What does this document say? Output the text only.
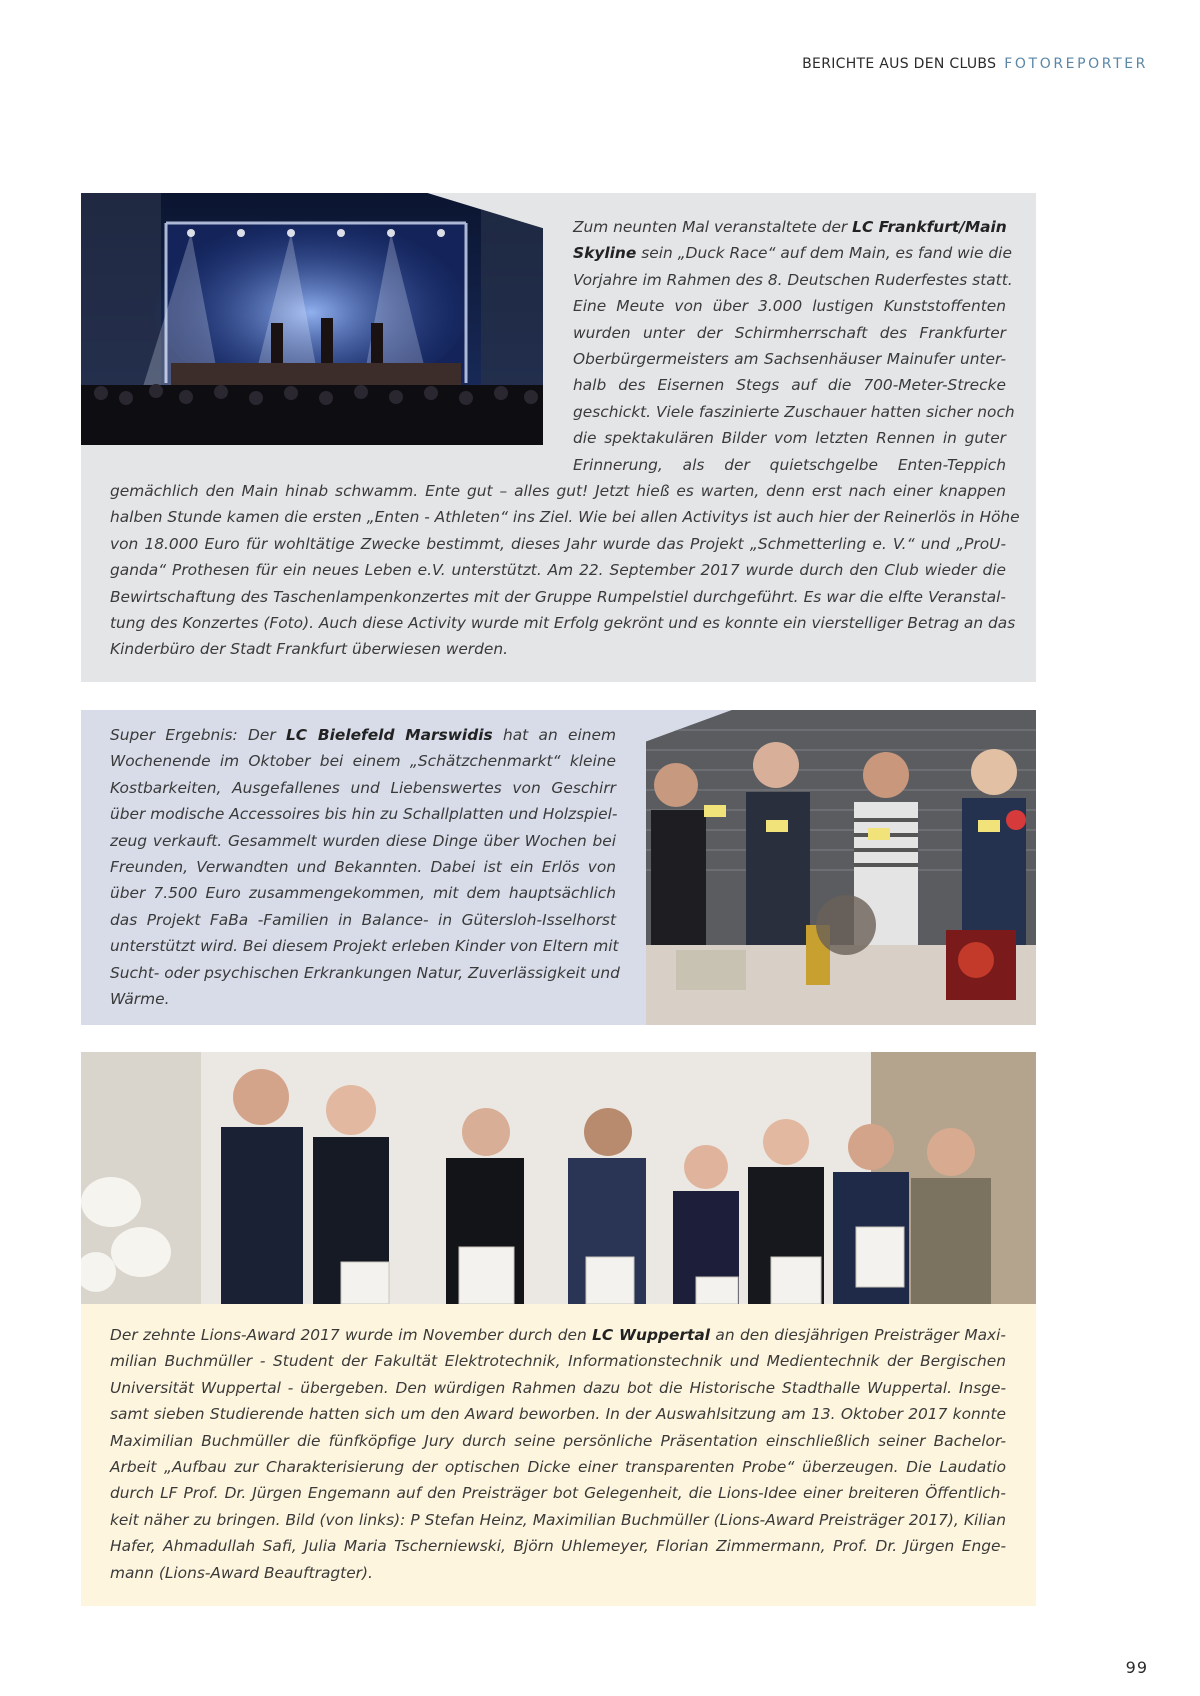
BERICHTE AUS DEN CLUBS FOTOREPORTER
Zum neunten Mal veranstaltete der LC Frankfurt/Main
Skyline sein „Duck Race“ auf dem Main, es fand wie die
Vorjahre im Rahmen des 8. Deutschen Ruderfestes statt.
Eine Meute von über 3.000 lustigen Kunststoffenten
wurden unter der Schirmherrschaft des Frankfurter
Oberbürgermeisters am Sachsenhäuser Mainufer unter-
halb des Eisernen Stegs auf die 700-Meter-Strecke
geschickt. Viele faszinierte Zuschauer hatten sicher noch
die spektakulären Bilder vom letzten Rennen in guter
Erinnerung, als der quietschgelbe Enten-Teppich
gemächlich den Main hinab schwamm. Ente gut – alles gut! Jetzt hieß es warten, denn erst nach einer knappen
halben Stunde kamen die ersten „Enten - Athleten“ ins Ziel. Wie bei allen Activitys ist auch hier der Reinerlös in Höhe
von 18.000 Euro für wohltätige Zwecke bestimmt, dieses Jahr wurde das Projekt „Schmetterling e. V.“ und „ProU-
ganda“ Prothesen für ein neues Leben e.V. unterstützt. Am 22. September 2017 wurde durch den Club wieder die
Bewirtschaftung des Taschenlampenkonzertes mit der Gruppe Rumpelstiel durchgeführt. Es war die elfte Veranstal-
tung des Konzertes (Foto). Auch diese Activity wurde mit Erfolg gekrönt und es konnte ein vierstelliger Betrag an das
Kinderbüro der Stadt Frankfurt überwiesen werden.
Super Ergebnis: Der LC Bielefeld Marswidis hat an einem
Wochenende im Oktober bei einem „Schätzchenmarkt“ kleine
Kostbarkeiten, Ausgefallenes und Liebenswertes von Geschirr
über modische Accessoires bis hin zu Schallplatten und Holzspiel-
zeug verkauft. Gesammelt wurden diese Dinge über Wochen bei
Freunden, Verwandten und Bekannten. Dabei ist ein Erlös von
über 7.500 Euro zusammengekommen, mit dem hauptsächlich
das Projekt FaBa -Familien in Balance- in Gütersloh-Isselhorst
unterstützt wird. Bei diesem Projekt erleben Kinder von Eltern mit
Sucht- oder psychischen Erkrankungen Natur, Zuverlässigkeit und
Wärme.
Der zehnte Lions-Award 2017 wurde im November durch den LC Wuppertal an den diesjährigen Preisträger Maxi-
milian Buchmüller - Student der Fakultät Elektrotechnik, Informationstechnik und Medientechnik der Bergischen
Universität Wuppertal - übergeben. Den würdigen Rahmen dazu bot die Historische Stadthalle Wuppertal. Insge-
samt sieben Studierende hatten sich um den Award beworben. In der Auswahlsitzung am 13. Oktober 2017 konnte
Maximilian Buchmüller die fünfköpfige Jury durch seine persönliche Präsentation einschließlich seiner Bachelor-
Arbeit „Aufbau zur Charakterisierung der optischen Dicke einer transparenten Probe“ überzeugen. Die Laudatio
durch LF Prof. Dr. Jürgen Engemann auf den Preisträger bot Gelegenheit, die Lions-Idee einer breiteren Öffentlich-
keit näher zu bringen. Bild (von links): P Stefan Heinz, Maximilian Buchmüller (Lions-Award Preisträger 2017), Kilian
Hafer, Ahmadullah Safi, Julia Maria Tscherniewski, Björn Uhlemeyer, Florian Zimmermann, Prof. Dr. Jürgen Enge-
mann (Lions-Award Beauftragter).
99
